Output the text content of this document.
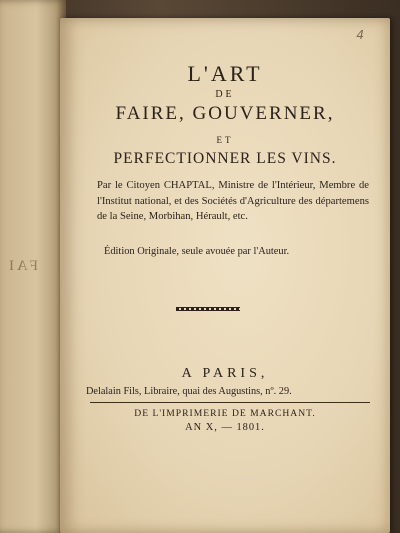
FAI
4
L'ART
DE
FAIRE, GOUVERNER,
ET
PERFECTIONNER LES VINS.
Par le Citoyen CHAPTAL, Ministre de l'Intérieur, Membre de l'Institut national, et des Sociétés d'Agriculture des départemens de la Seine, Morbihan, Hérault, etc.
Édition Originale, seule avouée par l'Auteur.
A PARIS,
Delalain Fils, Libraire, quai des Augustins, nº. 29.
DE L'IMPRIMERIE DE MARCHANT.
AN X, — 1801.
